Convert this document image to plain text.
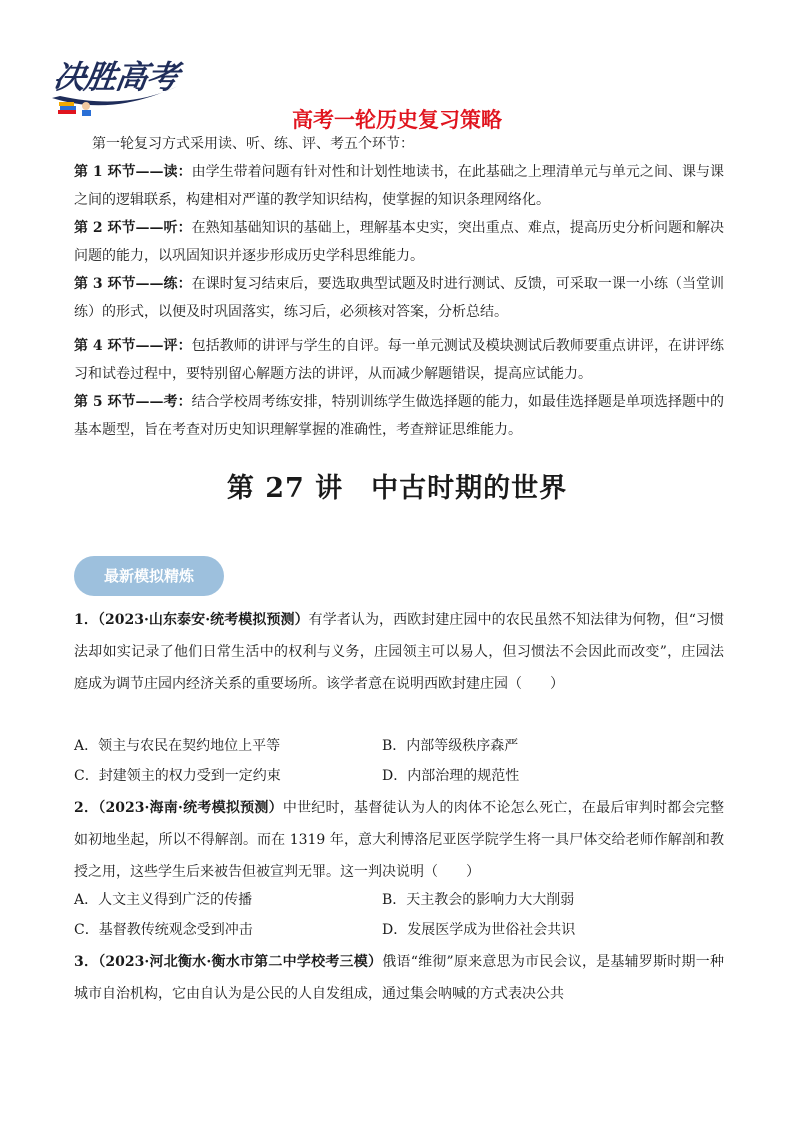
决胜高考
高考一轮历史复习策略
第一轮复习方式采用读、听、练、评、考五个环节：
第 1 环节——读：由学生带着问题有针对性和计划性地读书，在此基础之上理清单元与单元之间、课与课之间的逻辑联系，构建相对严谨的教学知识结构，使掌握的知识条理网络化。
第 2 环节——听：在熟知基础知识的基础上，理解基本史实，突出重点、难点，提高历史分析问题和解决问题的能力，以巩固知识并逐步形成历史学科思维能力。
第 3 环节——练：在课时复习结束后，要选取典型试题及时进行测试、反馈，可采取一课一小练（当堂训练）的形式，以便及时巩固落实，练习后，必须核对答案，分析总结。
第 4 环节——评：包括教师的讲评与学生的自评。每一单元测试及模块测试后教师要重点讲评，在讲评练习和试卷过程中，要特别留心解题方法的讲评，从而减少解题错误，提高应试能力。
第 5 环节——考：结合学校周考练安排，特别训练学生做选择题的能力，如最佳选择题是单项选择题中的基本题型，旨在考查对历史知识理解掌握的准确性，考查辩证思维能力。
第 27 讲　中古时期的世界
最新模拟精炼
1．（2023·山东泰安·统考模拟预测）有学者认为，西欧封建庄园中的农民虽然不知法律为何物，但“习惯法却如实记录了他们日常生活中的权利与义务，庄园领主可以易人，但习惯法不会因此而改变”，庄园法庭成为调节庄园内经济关系的重要场所。该学者意在说明西欧封建庄园（　　）
A．领主与农民在契约地位上平等	B．内部等级秩序森严
C．封建领主的权力受到一定约束	D．内部治理的规范性
2．（2023·海南·统考模拟预测）中世纪时，基督徒认为人的肉体不论怎么死亡，在最后审判时都会完整如初地坐起，所以不得解剖。而在 1319 年，意大利博洛尼亚医学院学生将一具尸体交给老师作解剖和教授之用，这些学生后来被告但被宣判无罪。这一判决说明（　　）
A．人文主义得到广泛的传播	B．天主教会的影响力大大削弱
C．基督教传统观念受到冲击	D．发展医学成为世俗社会共识
3．（2023·河北衡水·衡水市第二中学校考三模）俄语“维彻”原来意思为市民会议，是基辅罗斯时期一种城市自治机构，它由自认为是公民的人自发组成，通过集会呐喊的方式表决公共
